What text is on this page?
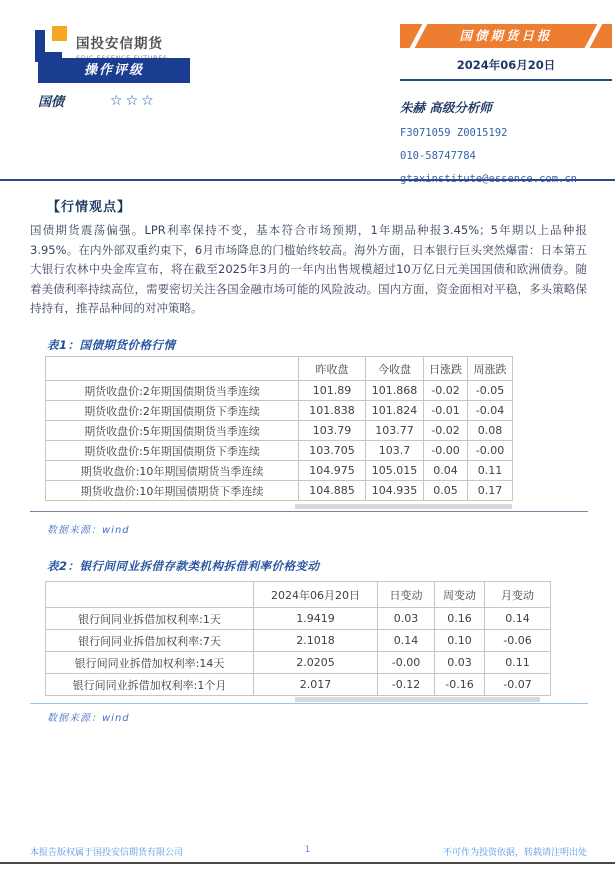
国投安信期货
操作评级
国债	☆☆☆
国债期货日报
2024年06月20日
朱赫 高级分析师
F3071059 Z0015192
010-58747784
【行情观点】
国债期货震荡偏强。LPR利率保持不变，基本符合市场预期，1年期品种报3.45%；5年期以上品种报3.95%。在内外部双重约束下，6月市场降息的门槛始终较高。海外方面，日本银行巨头突然爆雷：日本第五大银行农林中央金库宣布，将在截至2025年3月的一年内出售规模超过10万亿日元美国国债和欧洲债券。随着美债利率持续高位，需要密切关注各国金融市场可能的风险波动。国内方面，资金面相对平稳，多头策略保持持有，推荐品种间的对冲策略。
表1：国债期货价格行情
	昨收盘	今收盘	日涨跌	周涨跌
期货收盘价:2年期国债期货当季连续	101.89	101.868	-0.02	-0.05
期货收盘价:2年期国债期货下季连续	101.838	101.824	-0.01	-0.04
期货收盘价:5年期国债期货当季连续	103.79	103.77	-0.02	0.08
期货收盘价:5年期国债期货下季连续	103.705	103.7	-0.00	-0.00
期货收盘价:10年期国债期货当季连续	104.975	105.015	0.04	0.11
期货收盘价:10年期国债期货下季连续	104.885	104.935	0.05	0.17
数据来源：wind
表2：银行间同业拆借存款类机构拆借利率价格变动
	2024年06月20日	日变动	周变动	月变动
银行间同业拆借加权利率:1天	1.9419	0.03	0.16	0.14
银行间同业拆借加权利率:7天	2.1018	0.14	0.10	-0.06
银行间同业拆借加权利率:14天	2.0205	-0.00	0.03	0.11
银行间同业拆借加权利率:1个月	2.017	-0.12	-0.16	-0.07
数据来源：wind
本报告版权属于国投安信期货有限公司	1	不可作为投资依据，转载请注明出处
